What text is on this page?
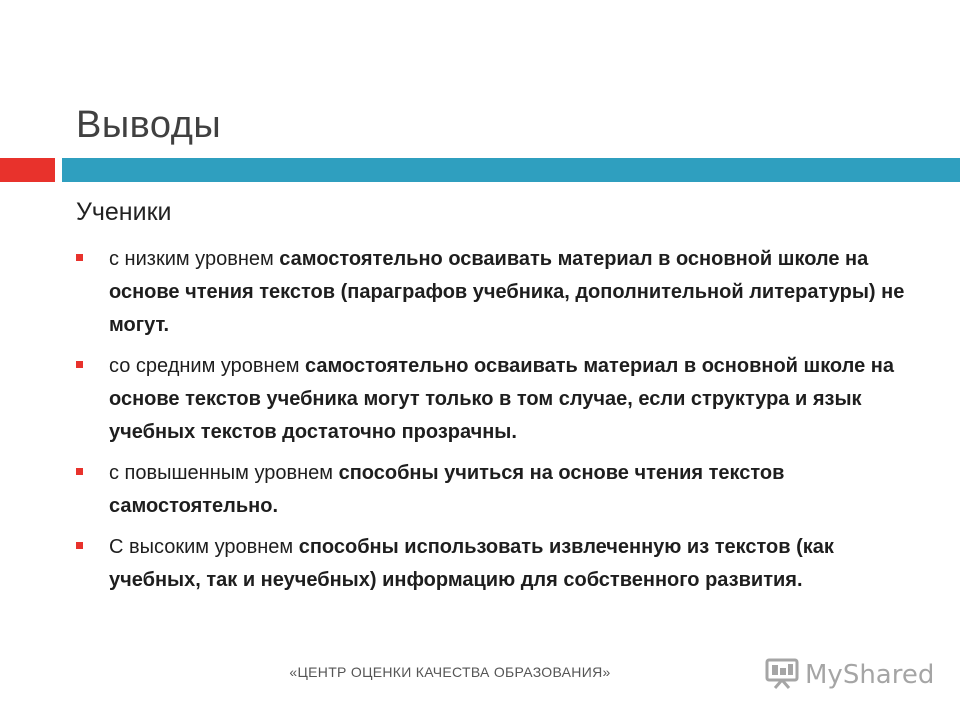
Выводы
Ученики
с низким уровнем самостоятельно осваивать материал в основной школе на основе чтения текстов (параграфов учебника, дополнительной литературы) не могут.
со средним уровнем самостоятельно осваивать материал в основной школе на основе текстов учебника могут только в том случае, если структура и язык учебных текстов достаточно прозрачны.
с повышенным уровнем способны учиться на основе чтения текстов самостоятельно.
С высоким уровнем способны использовать извлеченную из текстов (как учебных, так и неучебных) информацию для собственного развития.
«ЦЕНТР ОЦЕНКИ КАЧЕСТВА ОБРАЗОВАНИЯ»	MyShared
